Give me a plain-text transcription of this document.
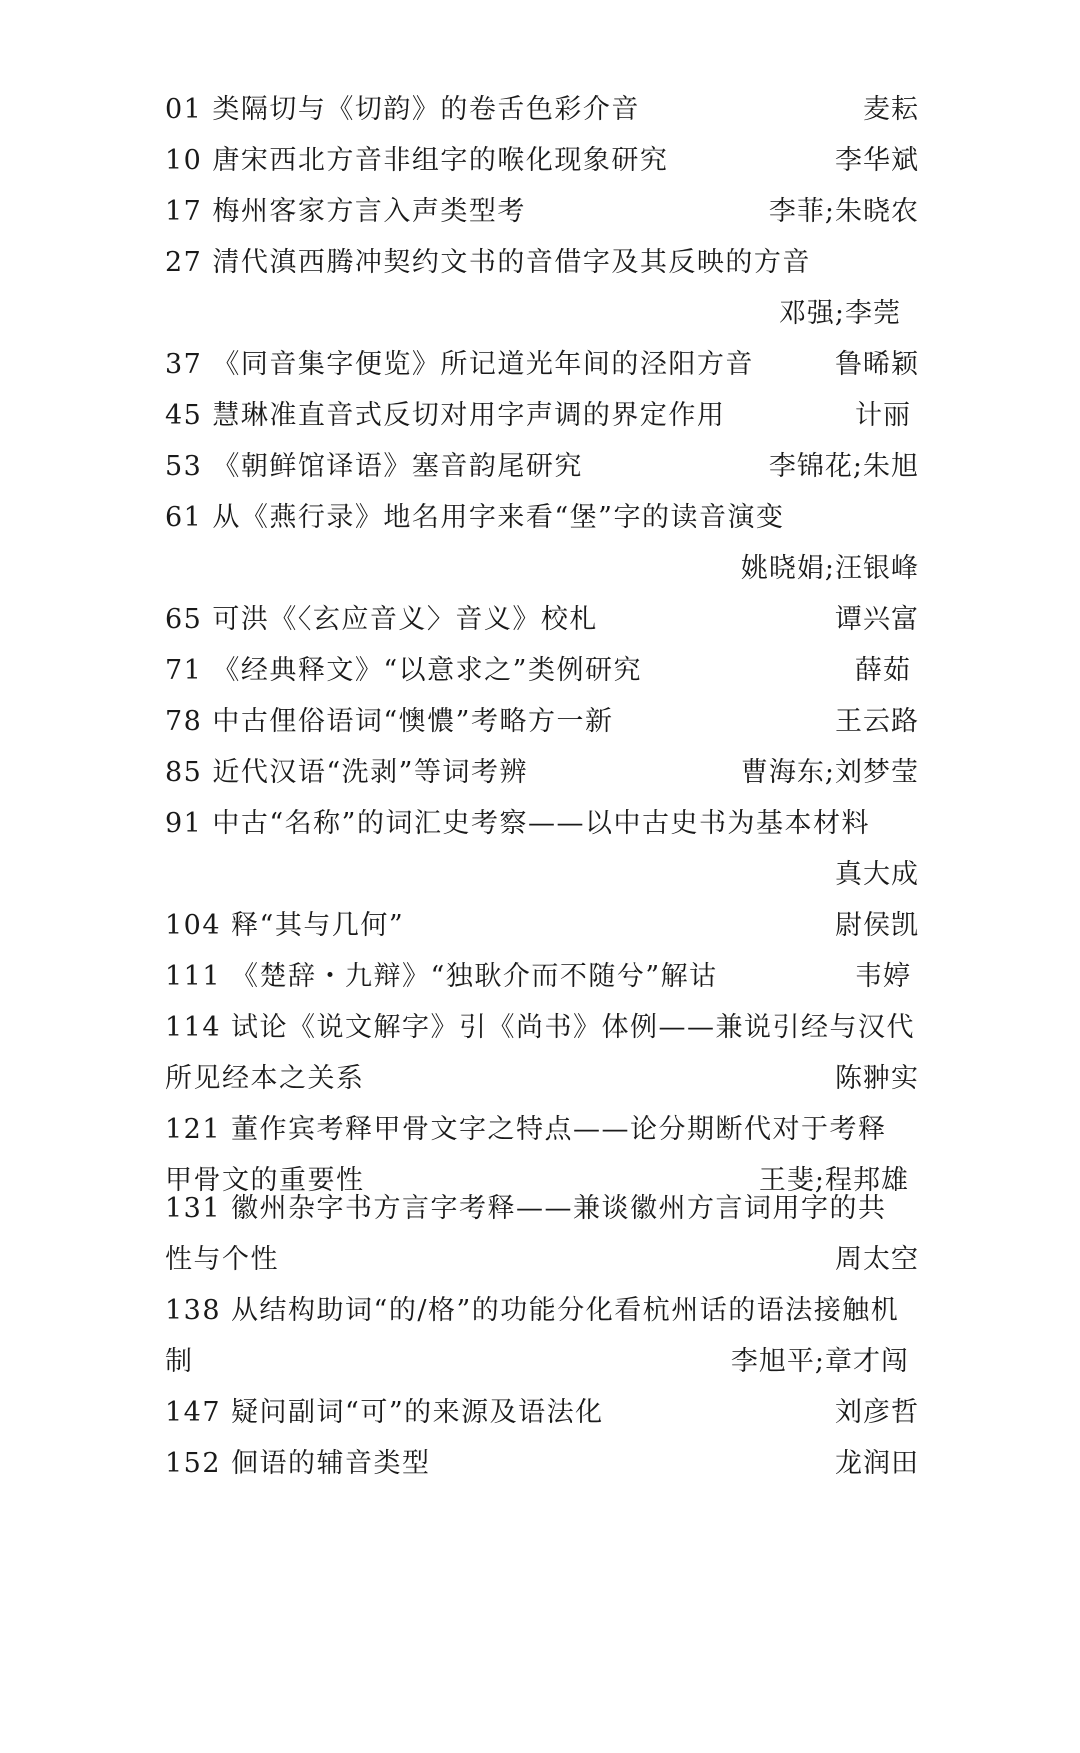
01 类隔切与《切韵》的卷舌色彩介音	麦耘
10 唐宋西北方音非组字的喉化现象研究	李华斌
17 梅州客家方言入声类型考	李菲;朱晓农
27 清代滇西腾冲契约文书的音借字及其反映的方音
邓强;李莞
37 《同音集字便览》所记道光年间的泾阳方音	鲁晞颖
45 慧琳准直音式反切对用字声调的界定作用	计丽
53 《朝鲜馆译语》塞音韵尾研究	李锦花;朱旭
61 从《燕行录》地名用字来看“堡”字的读音演变
姚晓娟;汪银峰
65 可洪《〈玄应音义〉音义》校札	谭兴富
71 《经典释文》“以意求之”类例研究	薛茹
78 中古俚俗语词“懊憹”考略方一新	王云路
85 近代汉语“洗剥”等词考辨	曹海东;刘梦莹
91 中古“名称”的词汇史考察——以中古史书为基本材料
真大成
104 释“其与几何”	尉侯凯
111 《楚辞・九辩》“独耿介而不随兮”解诂	韦婷
114 试论《说文解字》引《尚书》体例——兼说引经与汉代
所见经本之关系	陈翀实
121 董作宾考释甲骨文字之特点——论分期断代对于考释
甲骨文的重要性	王斐;程邦雄
131 徽州杂字书方言字考释——兼谈徽州方言词用字的共
性与个性	周太空
138 从结构助词“的/格”的功能分化看杭州话的语法接触机
制	李旭平;章才闯
147 疑问副词“可”的来源及语法化	刘彦哲
152 佪语的辅音类型	龙润田
